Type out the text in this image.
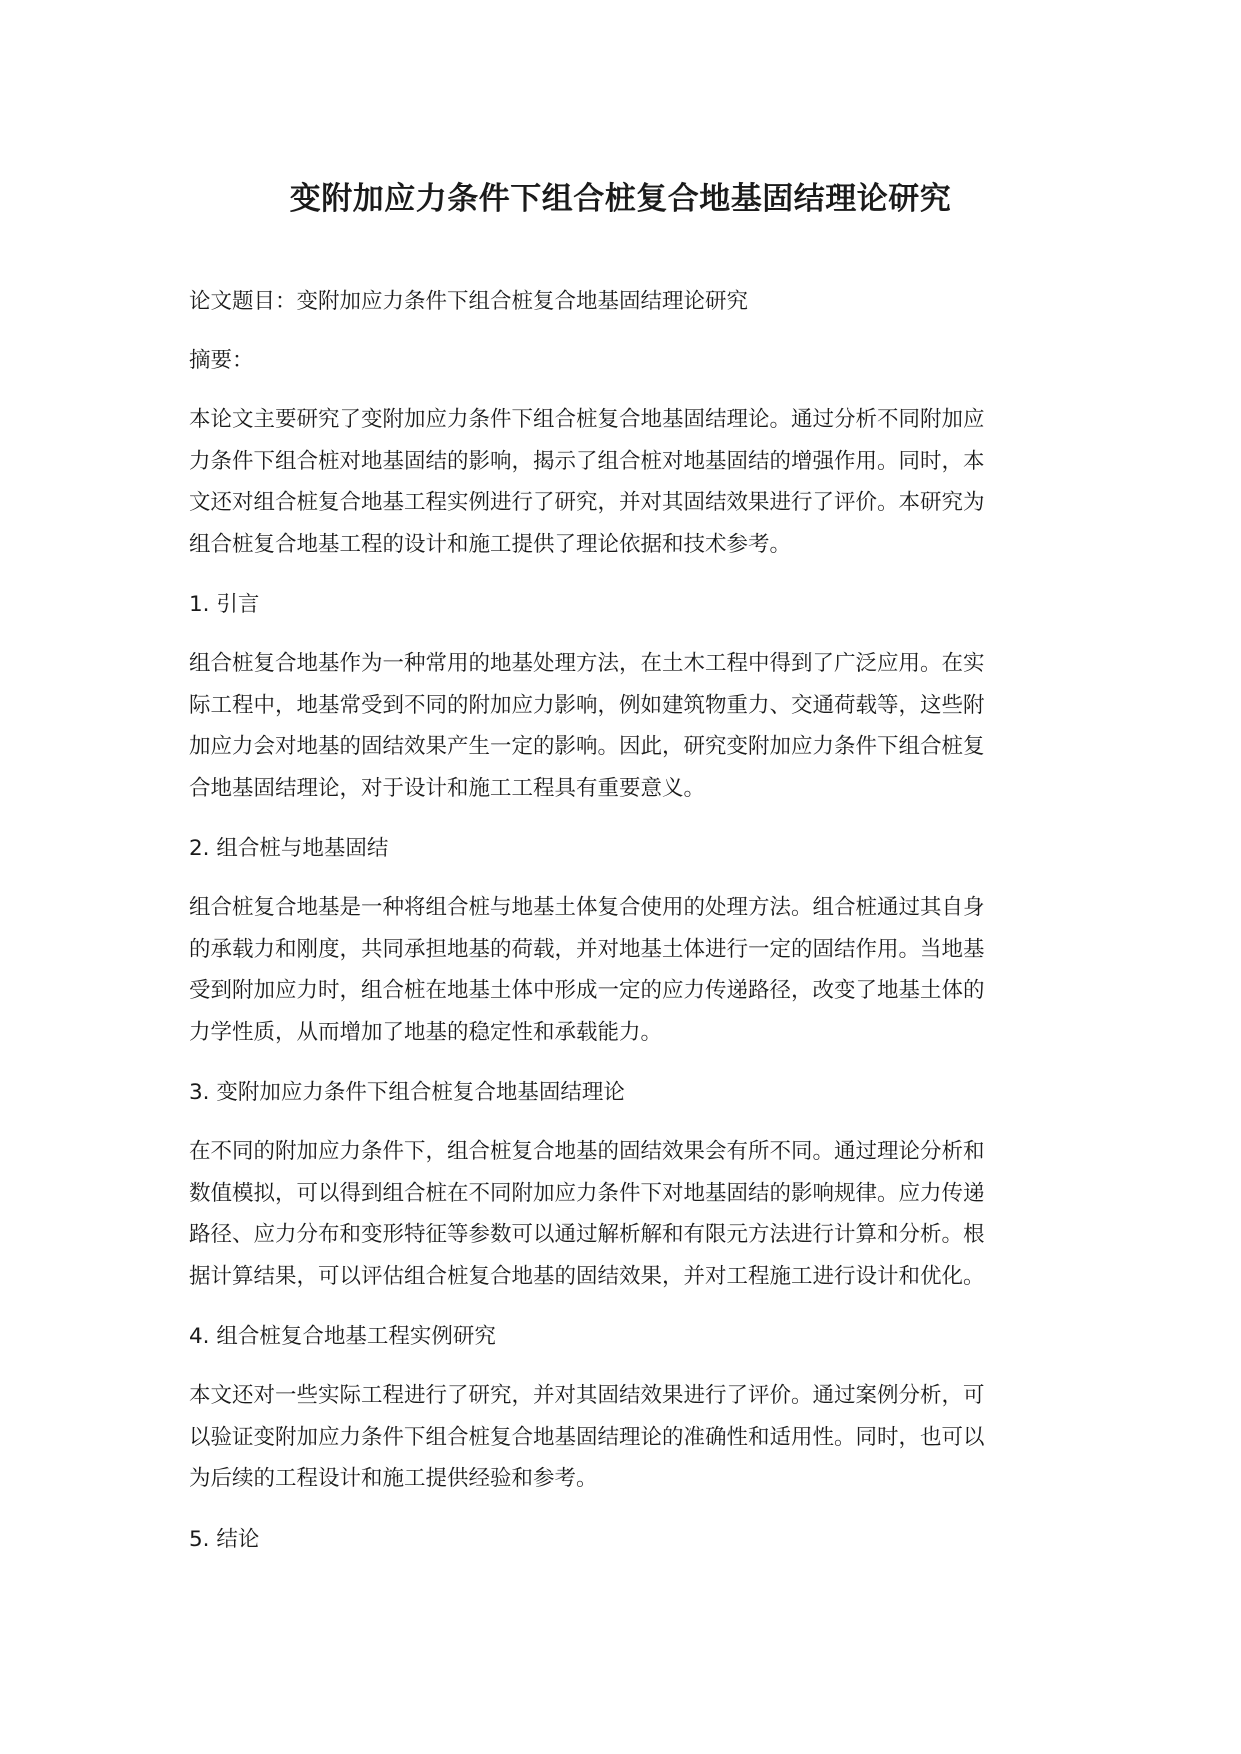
变附加应力条件下组合桩复合地基固结理论研究

论文题目：变附加应力条件下组合桩复合地基固结理论研究

摘要：

本论文主要研究了变附加应力条件下组合桩复合地基固结理论。通过分析不同附加应
力条件下组合桩对地基固结的影响，揭示了组合桩对地基固结的增强作用。同时，本
文还对组合桩复合地基工程实例进行了研究，并对其固结效果进行了评价。本研究为
组合桩复合地基工程的设计和施工提供了理论依据和技术参考。

1. 引言

组合桩复合地基作为一种常用的地基处理方法，在土木工程中得到了广泛应用。在实
际工程中，地基常受到不同的附加应力影响，例如建筑物重力、交通荷载等，这些附
加应力会对地基的固结效果产生一定的影响。因此，研究变附加应力条件下组合桩复
合地基固结理论，对于设计和施工工程具有重要意义。

2. 组合桩与地基固结

组合桩复合地基是一种将组合桩与地基土体复合使用的处理方法。组合桩通过其自身
的承载力和刚度，共同承担地基的荷载，并对地基土体进行一定的固结作用。当地基
受到附加应力时，组合桩在地基土体中形成一定的应力传递路径，改变了地基土体的
力学性质，从而增加了地基的稳定性和承载能力。

3. 变附加应力条件下组合桩复合地基固结理论

在不同的附加应力条件下，组合桩复合地基的固结效果会有所不同。通过理论分析和
数值模拟，可以得到组合桩在不同附加应力条件下对地基固结的影响规律。应力传递
路径、应力分布和变形特征等参数可以通过解析解和有限元方法进行计算和分析。根
据计算结果，可以评估组合桩复合地基的固结效果，并对工程施工进行设计和优化。

4. 组合桩复合地基工程实例研究

本文还对一些实际工程进行了研究，并对其固结效果进行了评价。通过案例分析，可
以验证变附加应力条件下组合桩复合地基固结理论的准确性和适用性。同时，也可以
为后续的工程设计和施工提供经验和参考。

5. 结论
